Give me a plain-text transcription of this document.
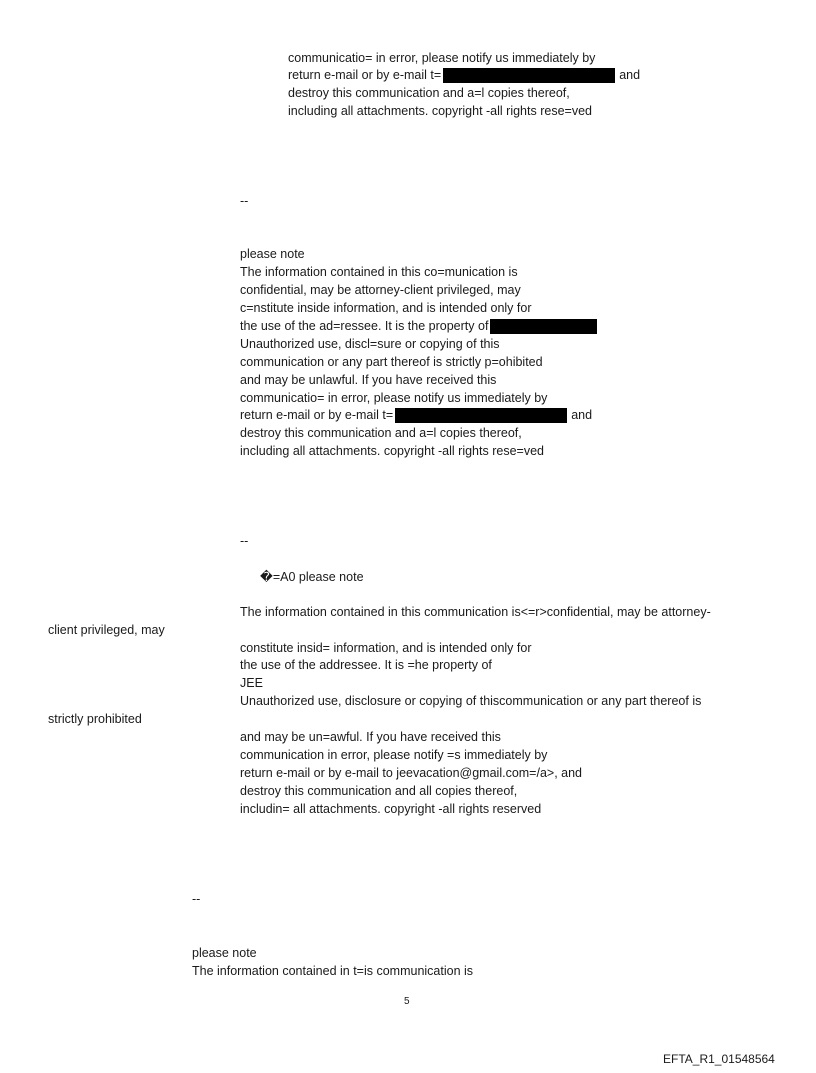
communicatio= in error, please notify us immediately by
return e-mail or by e-mail t=	and
destroy this communication and a=l copies thereof,
including all attachments. copyright -all rights rese=ved
--
please note
The information contained in this co=munication is
confidential, may be attorney-client privileged, may
c=nstitute inside information, and is intended only for
the use of the ad=ressee. It is the property of
Unauthorized use, discl=sure or copying of this
communication or any part thereof is strictly p=ohibited
and may be unlawful. If you have received this
communicatio= in error, please notify us immediately by
return e-mail or by e-mail t=	and
destroy this communication and a=l copies thereof,
including all attachments. copyright -all rights rese=ved
--
�=A0 please note
The information contained in this communication is<=r>confidential, may be attorney-
client privileged, may
constitute insid= information, and is intended only for
the use of the addressee. It is =he property of
JEE
Unauthorized use, disclosure or copying of thiscommunication or any part thereof is
strictly prohibited
and may be un=awful. If you have received this
communication in error, please notify =s immediately by
return e-mail or by e-mail to jeevacation@gmail.com=/a>, and
destroy this communication and all copies thereof,
includin= all attachments. copyright -all rights reserved
--
please note
The information contained in t=is communication is
5
EFTA_R1_01548564
